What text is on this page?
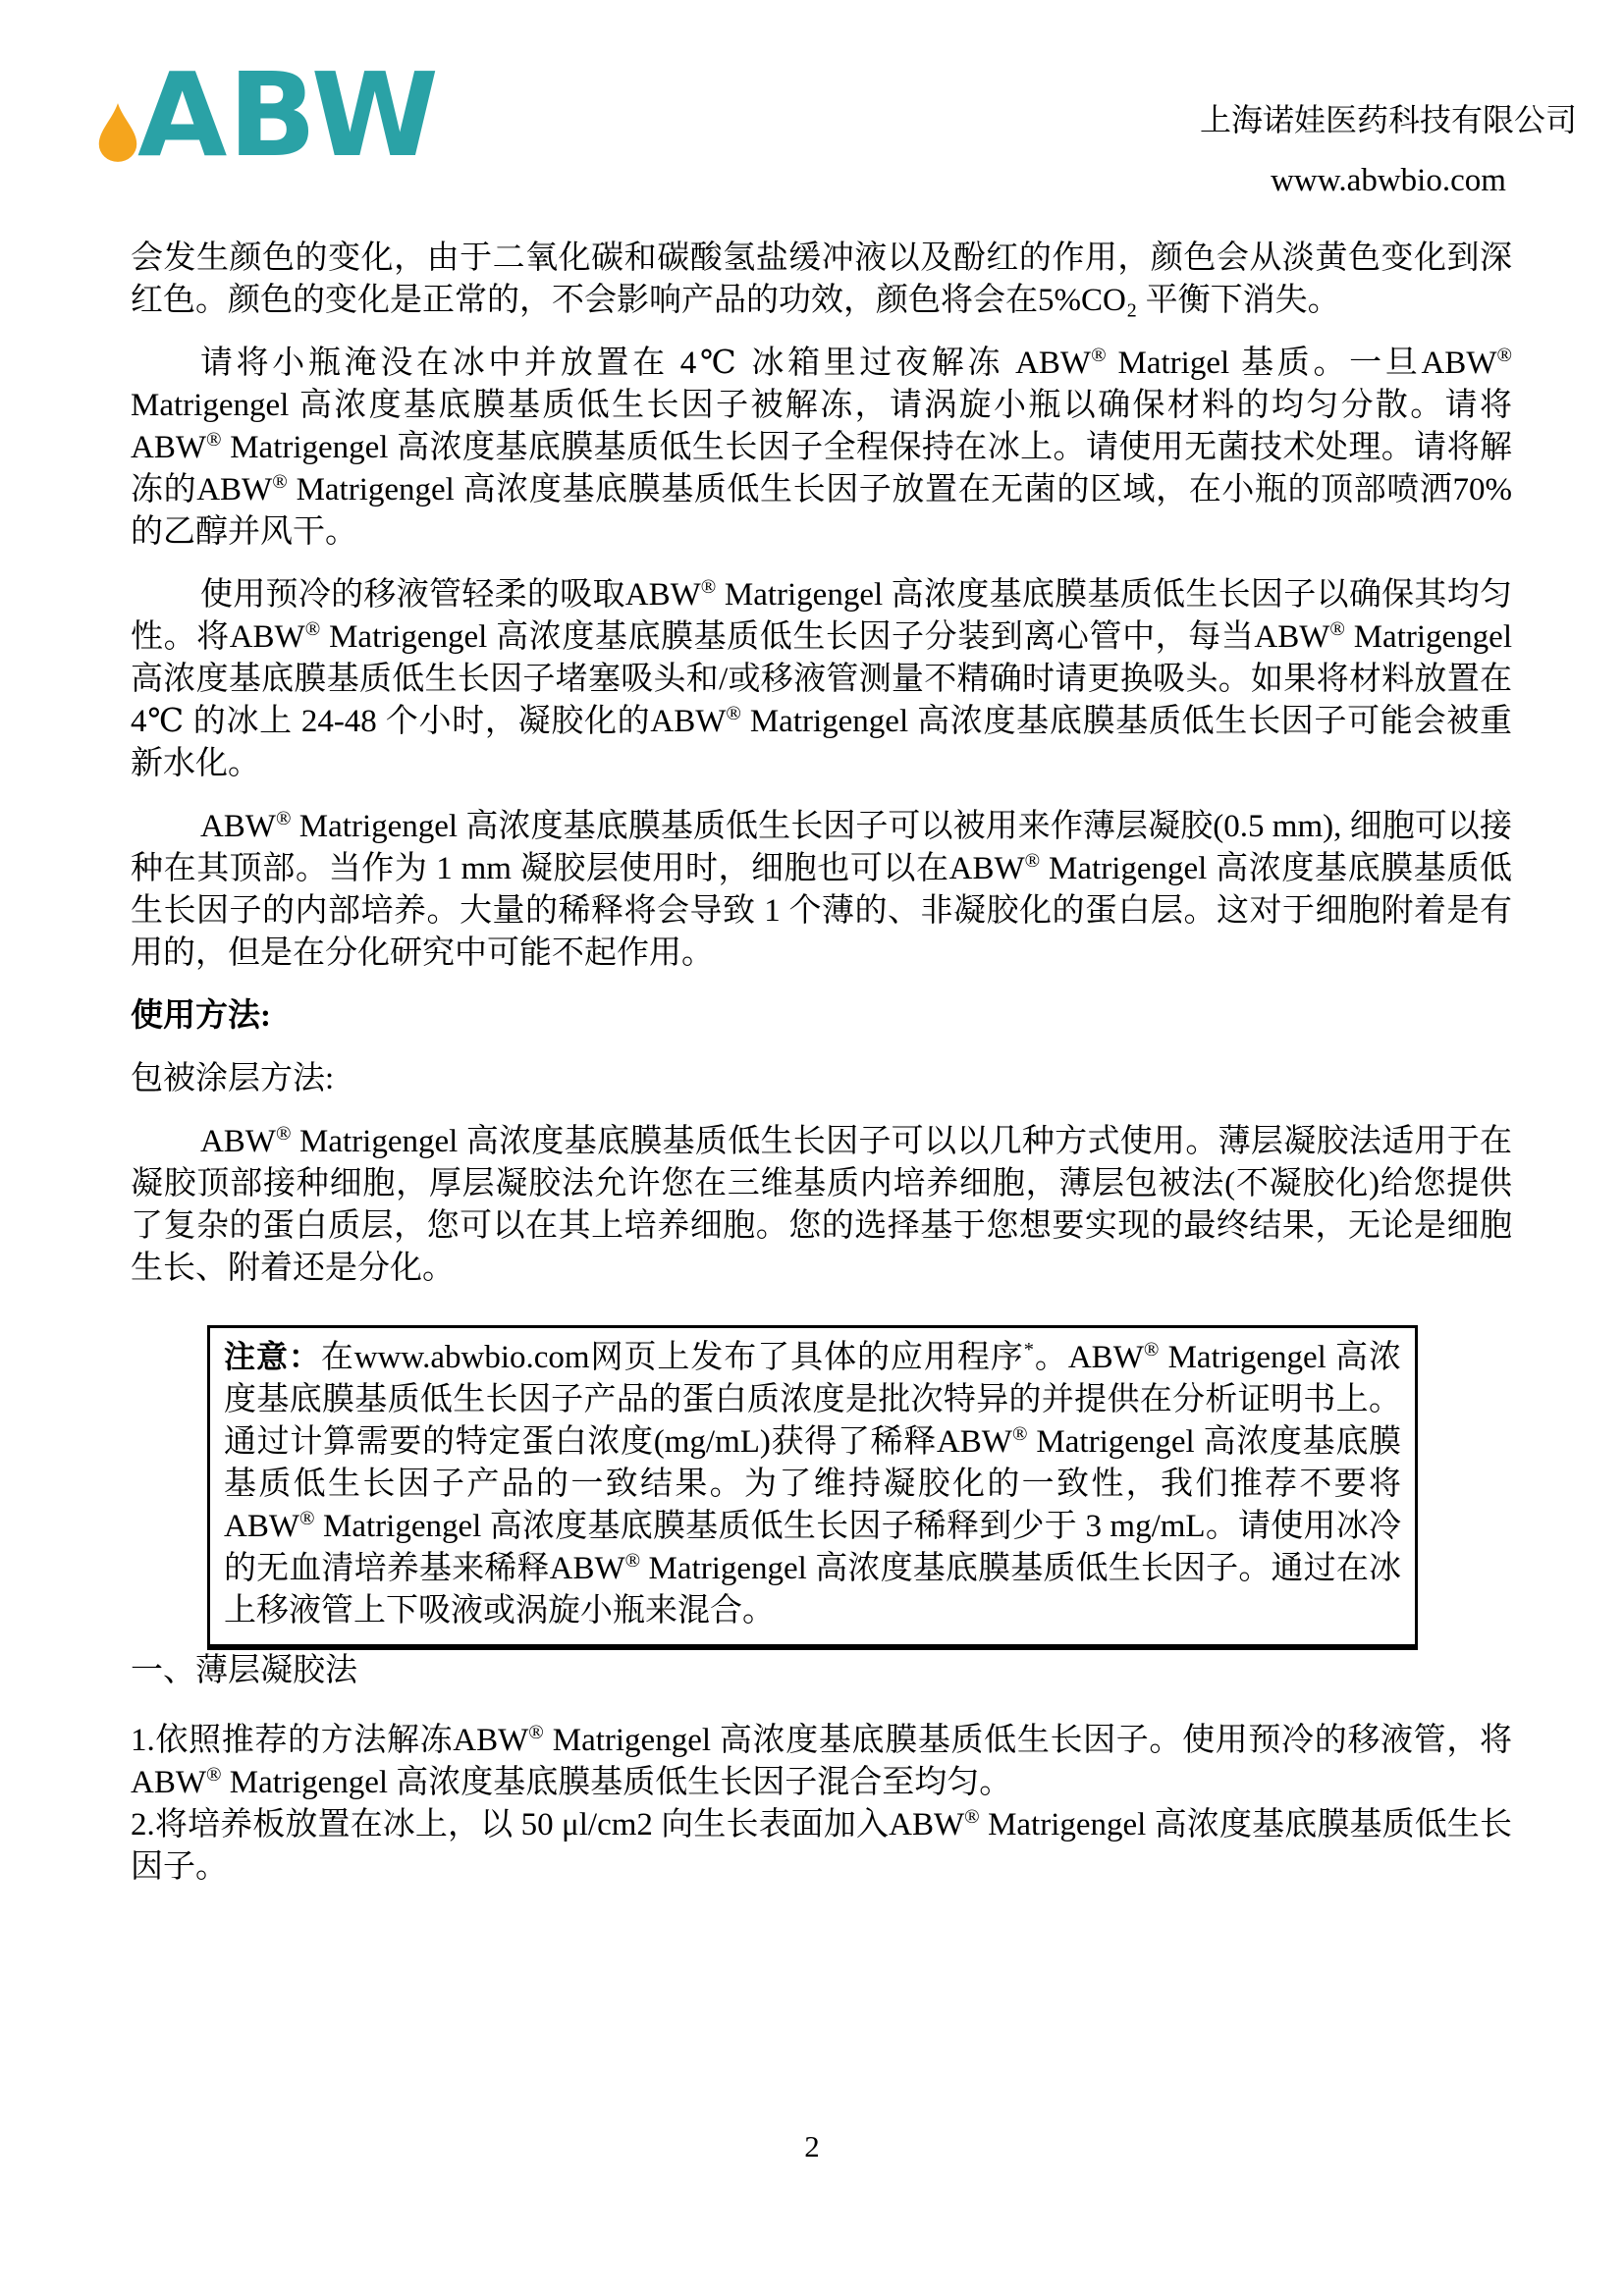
ABW	上海诺娃医药科技有限公司
www.abwbio.com

会发生颜色的变化，由于二氧化碳和碳酸氢盐缓冲液以及酚红的作用，颜色会从淡黄色变化到深红色。颜色的变化是正常的，不会影响产品的功效，颜色将会在5%CO₂ 平衡下消失。

请将小瓶淹没在冰中并放置在 4℃ 冰箱里过夜解冻 ABW® Matrigel 基质。一旦ABW® Matrigengel 高浓度基底膜基质低生长因子被解冻，请涡旋小瓶以确保材料的均匀分散。请将ABW® Matrigengel 高浓度基底膜基质低生长因子全程保持在冰上。请使用无菌技术处理。请将解冻的ABW® Matrigengel 高浓度基底膜基质低生长因子放置在无菌的区域，在小瓶的顶部喷洒70% 的乙醇并风干。

使用预冷的移液管轻柔的吸取ABW® Matrigengel 高浓度基底膜基质低生长因子以确保其均匀性。将ABW® Matrigengel 高浓度基底膜基质低生长因子分装到离心管中，每当ABW® Matrigengel 高浓度基底膜基质低生长因子堵塞吸头和/或移液管测量不精确时请更换吸头。如果将材料放置在 4℃ 的冰上 24-48 个小时，凝胶化的ABW® Matrigengel 高浓度基底膜基质低生长因子可能会被重新水化。

ABW® Matrigengel 高浓度基底膜基质低生长因子可以被用来作薄层凝胶(0.5 mm), 细胞可以接种在其顶部。当作为 1 mm 凝胶层使用时，细胞也可以在ABW® Matrigengel 高浓度基底膜基质低生长因子的内部培养。大量的稀释将会导致 1 个薄的、非凝胶化的蛋白层。这对于细胞附着是有用的，但是在分化研究中可能不起作用。

使用方法:

包被涂层方法:

ABW® Matrigengel 高浓度基底膜基质低生长因子可以以几种方式使用。薄层凝胶法适用于在凝胶顶部接种细胞，厚层凝胶法允许您在三维基质内培养细胞，薄层包被法(不凝胶化)给您提供了复杂的蛋白质层，您可以在其上培养细胞。您的选择基于您想要实现的最终结果，无论是细胞生长、附着还是分化。

注意：在www.abwbio.com网页上发布了具体的应用程序*。ABW® Matrigengel 高浓度基底膜基质低生长因子产品的蛋白质浓度是批次特异的并提供在分析证明书上。通过计算需要的特定蛋白浓度(mg/mL)获得了稀释ABW® Matrigengel 高浓度基底膜基质低生长因子产品的一致结果。为了维持凝胶化的一致性，我们推荐不要将ABW® Matrigengel 高浓度基底膜基质低生长因子稀释到少于 3 mg/mL。请使用冰冷的无血清培养基来稀释ABW® Matrigengel 高浓度基底膜基质低生长因子。通过在冰上移液管上下吸液或涡旋小瓶来混合。

一、薄层凝胶法

1.依照推荐的方法解冻ABW® Matrigengel 高浓度基底膜基质低生长因子。使用预冷的移液管，将ABW® Matrigengel 高浓度基底膜基质低生长因子混合至均匀。

2.将培养板放置在冰上，以 50 μl/cm2 向生长表面加入ABW® Matrigengel 高浓度基底膜基质低生长因子。

2
